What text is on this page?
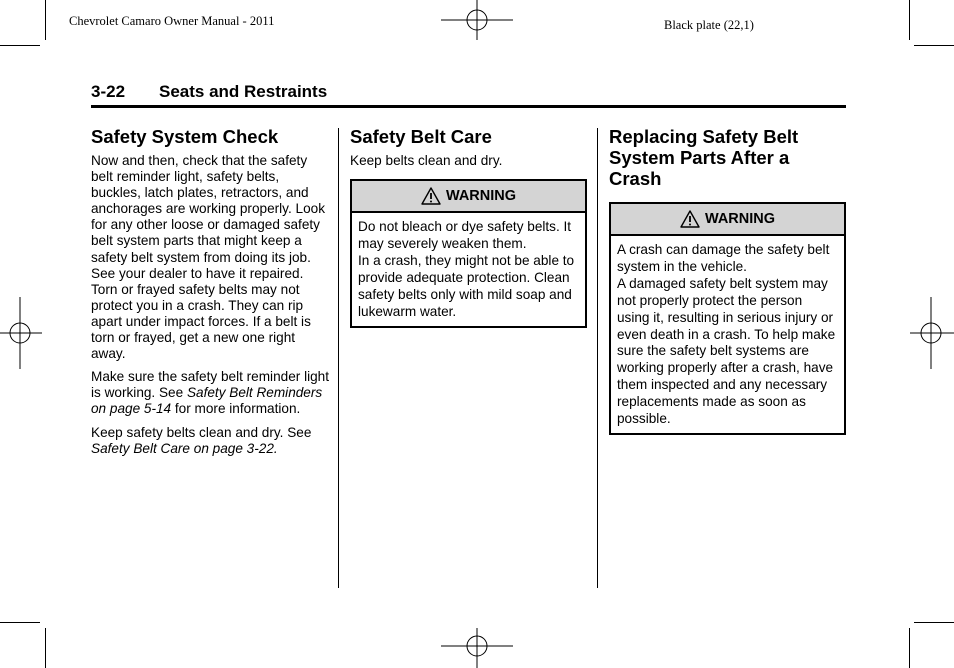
Chevrolet Camaro Owner Manual - 2011	Black plate (22,1)
3-22 Seats and Restraints
Safety System Check

Now and then, check that the safety belt reminder light, safety belts, buckles, latch plates, retractors, and anchorages are working properly. Look for any other loose or damaged safety belt system parts that might keep a safety belt system from doing its job. See your dealer to have it repaired. Torn or frayed safety belts may not protect you in a crash. They can rip apart under impact forces. If a belt is torn or frayed, get a new one right away.

Make sure the safety belt reminder light is working. See Safety Belt Reminders on page 5-14 for more information.

Keep safety belts clean and dry. See Safety Belt Care on page 3-22.

Safety Belt Care

Keep belts clean and dry.

WARNING

Do not bleach or dye safety belts. It may severely weaken them.

In a crash, they might not be able to provide adequate protection. Clean safety belts only with mild soap and lukewarm water.

Replacing Safety Belt System Parts After a Crash
WARNING

A crash can damage the safety belt system in the vehicle.

A damaged safety belt system may not properly protect the person using it, resulting in serious injury or even death in a crash. To help make sure the safety belt systems are working properly after a crash, have them inspected and any necessary replacements made as soon as possible.
